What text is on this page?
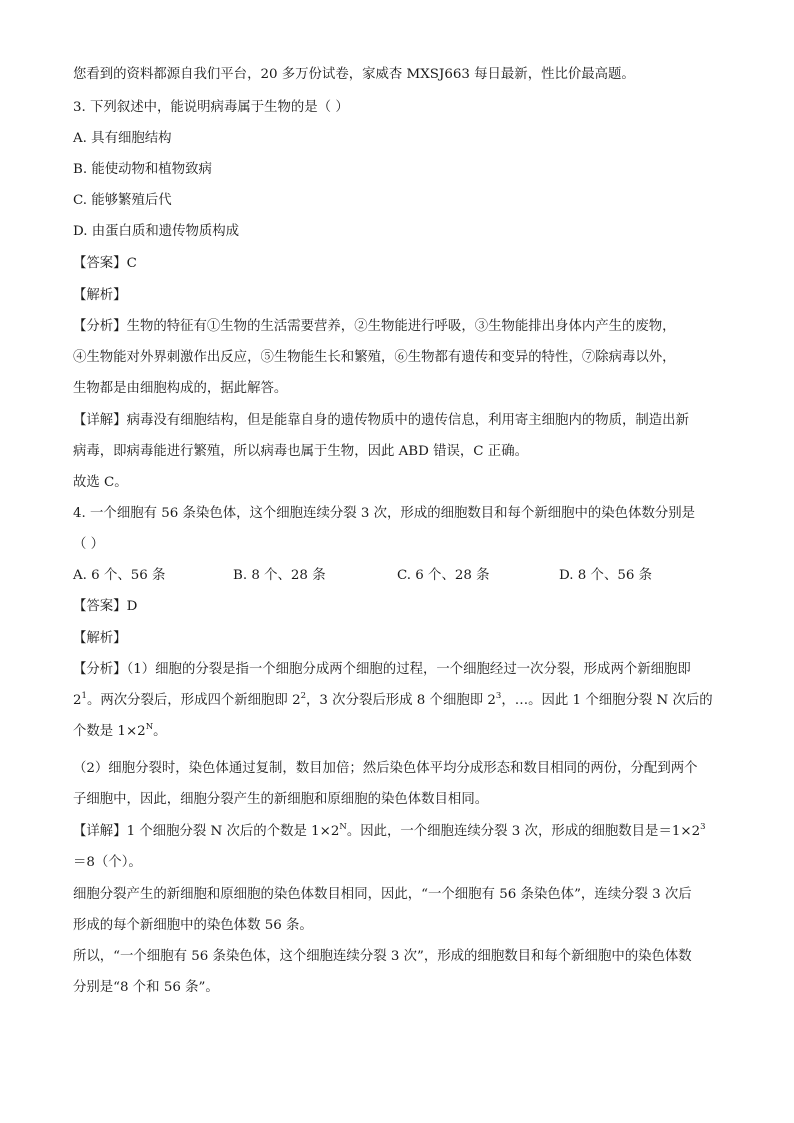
您看到的资料都源自我们平台，20 多万份试卷，家威杏 MXSJ663 每日最新，性比价最高题。
3. 下列叙述中，能说明病毒属于生物的是（ ）
A. 具有细胞结构
B. 能使动物和植物致病
C. 能够繁殖后代
D. 由蛋白质和遗传物质构成
【答案】C
【解析】
【分析】生物的特征有①生物的生活需要营养，②生物能进行呼吸，③生物能排出身体内产生的废物，
④生物能对外界刺激作出反应，⑤生物能生长和繁殖，⑥生物都有遗传和变异的特性，⑦除病毒以外，
生物都是由细胞构成的，据此解答。
【详解】病毒没有细胞结构，但是能靠自身的遗传物质中的遗传信息，利用寄主细胞内的物质，制造出新
病毒，即病毒能进行繁殖，所以病毒也属于生物，因此 ABD 错误，C 正确。
故选 C。
4. 一个细胞有 56 条染色体，这个细胞连续分裂 3 次，形成的细胞数目和每个新细胞中的染色体数分别是
（ ）
A. 6 个、56 条	B. 8 个、28 条	C. 6 个、28 条	D. 8 个、56 条
【答案】D
【解析】
【分析】（1）细胞的分裂是指一个细胞分成两个细胞的过程，一个细胞经过一次分裂，形成两个新细胞即
$2^1$。两次分裂后，形成四个新细胞即 $2^2$，3 次分裂后形成 8 个细胞即 $2^3$，…。因此 1 个细胞分裂 N 次后的
个数是 $1\times 2^N$。
（2）细胞分裂时，染色体通过复制，数目加倍；然后染色体平均分成形态和数目相同的两份，分配到两个
子细胞中，因此，细胞分裂产生的新细胞和原细胞的染色体数目相同。
【详解】1 个细胞分裂 N 次后的个数是 $1\times 2^N$。因此，一个细胞连续分裂 3 次，形成的细胞数目是$=1\times 2^3$
＝8（个）。
细胞分裂产生的新细胞和原细胞的染色体数目相同，因此，“一个细胞有 56 条染色体”，连续分裂 3 次后
形成的每个新细胞中的染色体数 56 条。
所以，“一个细胞有 56 条染色体，这个细胞连续分裂 3 次”，形成的细胞数目和每个新细胞中的染色体数
分别是“8 个和 56 条”。
